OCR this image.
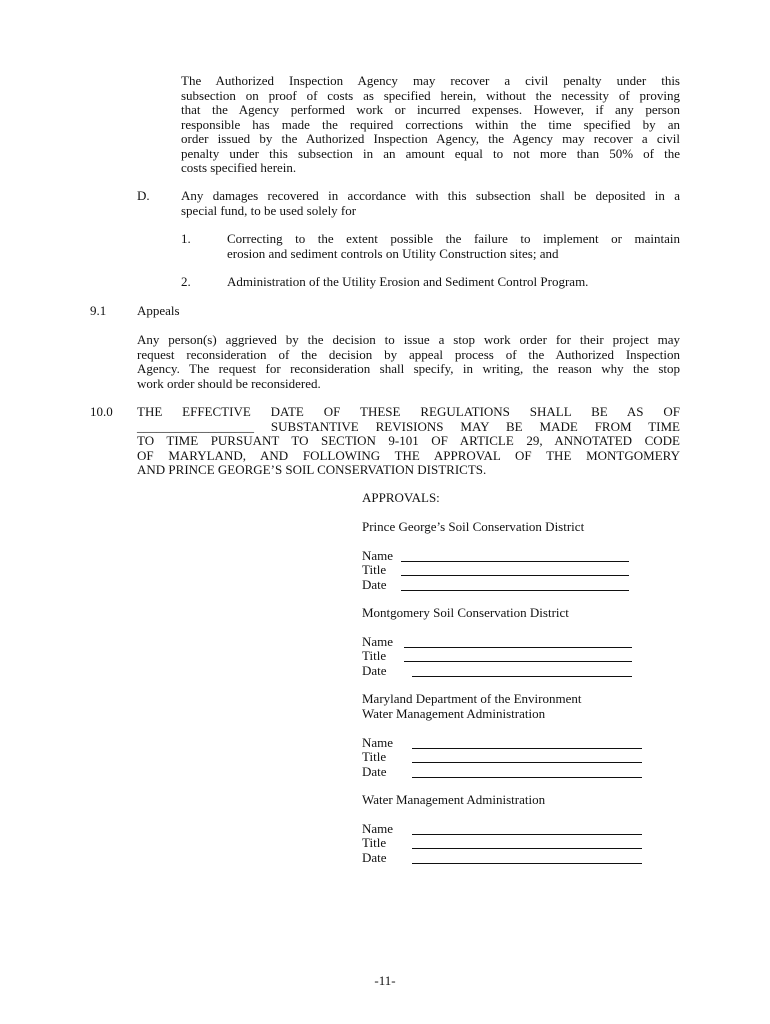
The Authorized Inspection Agency may recover a civil penalty under this
subsection on proof of costs as specified herein, without the necessity of proving
that the Agency performed work or incurred expenses. However, if any person
responsible has made the required corrections within the time specified by an
order issued by the Authorized Inspection Agency, the Agency may recover a civil
penalty under this subsection in an amount equal to not more than 50% of the
costs specified herein.
D. Any damages recovered in accordance with this subsection shall be deposited in a
special fund, to be used solely for
1.	Correcting to the extent possible the failure to implement or maintain
erosion and sediment controls on Utility Construction sites; and
2.	Administration of the Utility Erosion and Sediment Control Program.
9.1 Appeals
Any person(s) aggrieved by the decision to issue a stop work order for their project may
request reconsideration of the decision by appeal process of the Authorized Inspection
Agency. The request for reconsideration shall specify, in writing, the reason why the stop
work order should be reconsidered.
10.0 THE EFFECTIVE DATE OF THESE REGULATIONS SHALL BE AS OF
__________________ SUBSTANTIVE REVISIONS MAY BE MADE FROM TIME
TO TIME PURSUANT TO SECTION 9-101 OF ARTICLE 29, ANNOTATED CODE
OF MARYLAND, AND FOLLOWING THE APPROVAL OF THE MONTGOMERY
AND PRINCE GEORGE’S SOIL CONSERVATION DISTRICTS.
APPROVALS:
Prince George’s Soil Conservation District
Name
Title
Date
Montgomery Soil Conservation District
Name
Title
Date
Maryland Department of the Environment
Water Management Administration
Name
Title
Date
Water Management Administration
Name
Title
Date
-11-
